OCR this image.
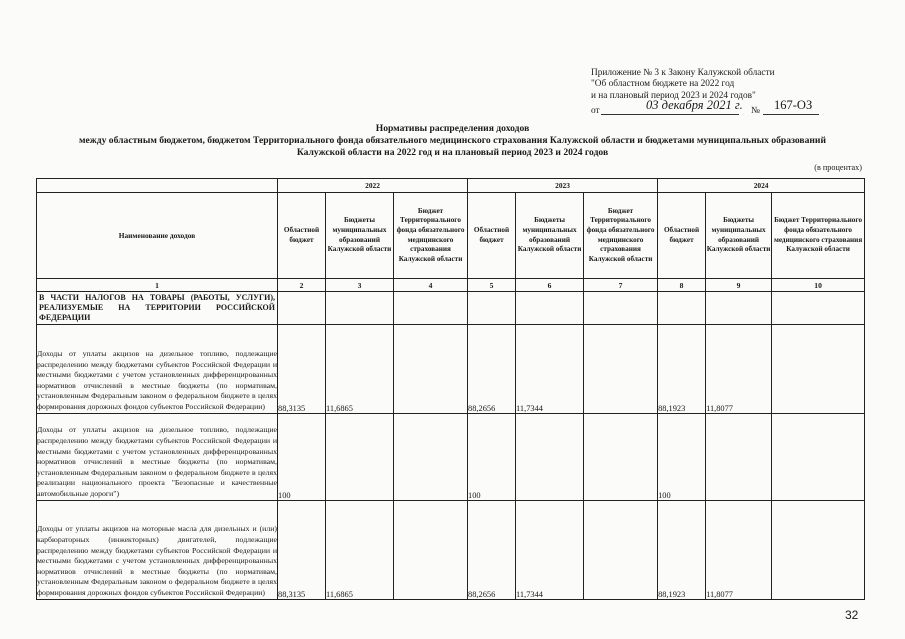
Приложение № 3 к Закону Калужской области
"Об областном бюджете на 2022 год
и на плановый период 2023 и 2024 годов"
от	03 декабря 2021 г. № 167-ОЗ
Нормативы распределения доходов
между областным бюджетом, бюджетом Территориального фонда обязательного медицинского страхования Калужской области и бюджетами муниципальных образований
Калужской области на 2022 год и на плановый период 2023 и 2024 годов
(в процентах)
	2022			2023			2024		
Наименование доходов	Областной бюджет	Бюджеты муниципальных образований Калужской области	Бюджет Территориального фонда обязательного медицинского страхования Калужской области	Областной бюджет	Бюджеты муниципальных образований Калужской области	Бюджет Территориального фонда обязательного медицинского страхования Калужской области	Областной бюджет	Бюджеты муниципальных образований Калужской области	Бюджет Территориального фонда обязательного медицинского страхования Калужской области
1	2	3	4	5	6	7	8	9	10
В ЧАСТИ НАЛОГОВ НА ТОВАРЫ (РАБОТЫ, УСЛУГИ), РЕАЛИЗУЕМЫЕ НА ТЕРРИТОРИИ РОССИЙСКОЙ ФЕДЕРАЦИИ									
Доходы от уплаты акцизов на дизельное топливо, подлежащие распределению между бюджетами субъектов Российской Федерации и местными бюджетами с учетом установленных дифференцированных нормативов отчислений в местные бюджеты (по нормативам, установленным Федеральным законом о федеральном бюджете в целях формирования дорожных фондов субъектов Российской Федерации)	88,3135	11,6865		88,2656	11,7344		88,1923	11,8077	
Доходы от уплаты акцизов на дизельное топливо, подлежащие распределению между бюджетами субъектов Российской Федерации и местными бюджетами с учетом установленных дифференцированных нормативов отчислений в местные бюджеты (по нормативам, установленным Федеральным законом о федеральном бюджете в целях реализации национального проекта "Безопасные и качественные автомобильные дороги")	100			100			100		
Доходы от уплаты акцизов на моторные масла для дизельных и (или) карбюраторных (инжекторных) двигателей, подлежащие распределению между бюджетами субъектов Российской Федерации и местными бюджетами с учетом установленных дифференцированных нормативов отчислений в местные бюджеты (по нормативам, установленным Федеральным законом о федеральном бюджете в целях формирования дорожных фондов субъектов Российской Федерации)	88,3135	11,6865		88,2656	11,7344		88,1923	11,8077	
32
